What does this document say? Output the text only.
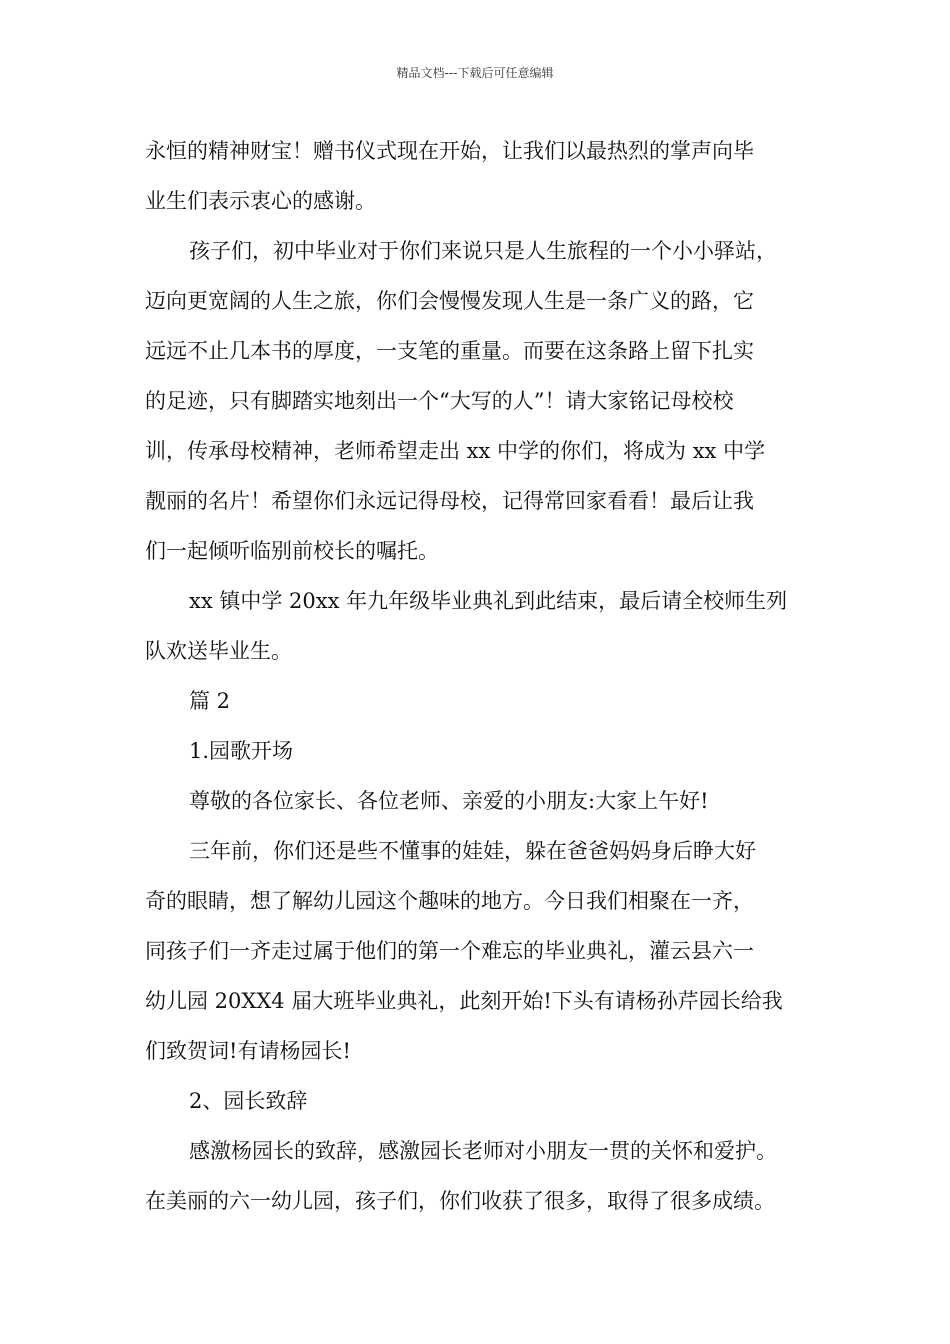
精品文档---下载后可任意编辑
永恒的精神财宝！赠书仪式现在开始，让我们以最热烈的掌声向毕
业生们表示衷心的感谢。
孩子们，初中毕业对于你们来说只是人生旅程的一个小小驿站，
迈向更宽阔的人生之旅，你们会慢慢发现人生是一条广义的路，它
远远不止几本书的厚度，一支笔的重量。而要在这条路上留下扎实
的足迹，只有脚踏实地刻出一个“大写的人”！请大家铭记母校校
训，传承母校精神，老师希望走出 xx 中学的你们，将成为 xx 中学
靓丽的名片！希望你们永远记得母校，记得常回家看看！最后让我
们一起倾听临别前校长的嘱托。
xx 镇中学 20xx 年九年级毕业典礼到此结束，最后请全校师生列
队欢送毕业生。
篇 2
1.园歌开场
尊敬的各位家长、各位老师、亲爱的小朋友:大家上午好!
三年前，你们还是些不懂事的娃娃，躲在爸爸妈妈身后睁大好
奇的眼睛，想了解幼儿园这个趣味的地方。今日我们相聚在一齐，
同孩子们一齐走过属于他们的第一个难忘的毕业典礼，灌云县六一
幼儿园 20XX4 届大班毕业典礼，此刻开始!下头有请杨孙芹园长给我
们致贺词!有请杨园长!
2、园长致辞
感激杨园长的致辞，感激园长老师对小朋友一贯的关怀和爱护。
在美丽的六一幼儿园，孩子们，你们收获了很多，取得了很多成绩。
